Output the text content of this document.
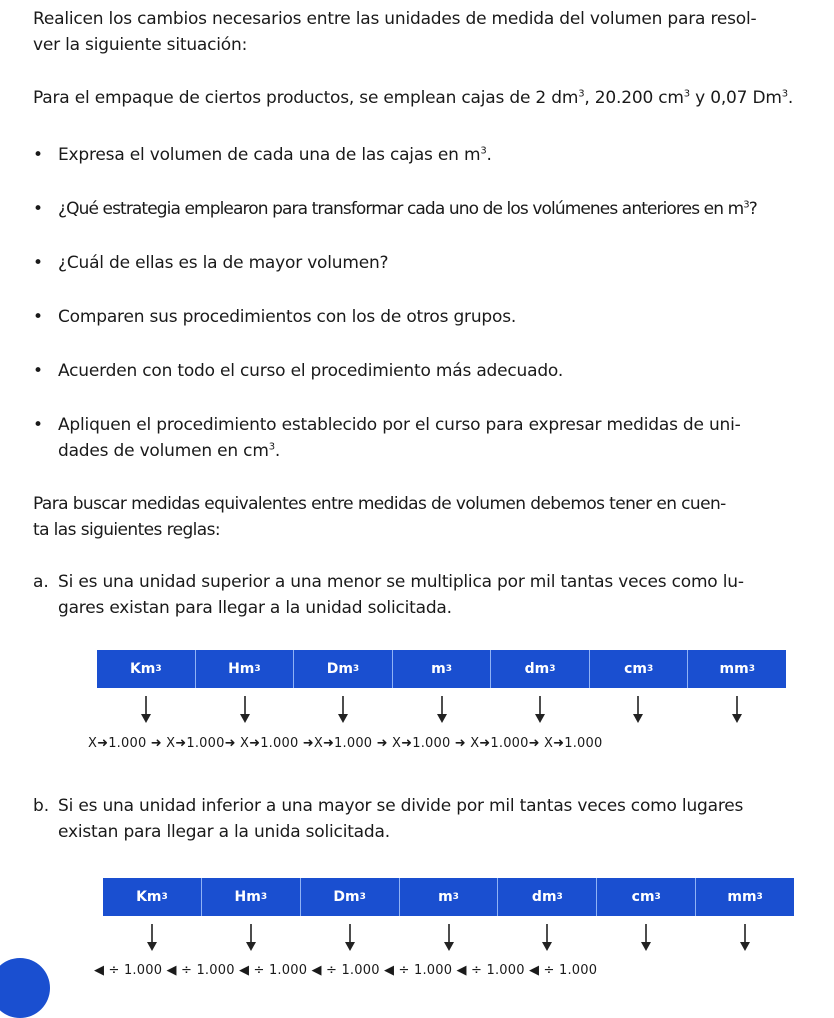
Realicen los cambios necesarios entre las unidades de medida del volumen para resol-
ver la siguiente situación:
Para el empaque de ciertos productos, se emplean cajas de 2 $dm^3$, 20.200 $cm^3$ y 0,07 Dm$^3$.
• Expresa el volumen de cada una de las cajas en $m^3$.
• ¿Qué estrategia emplearon para transformar cada uno de los volúmenes anteriores en $m^3$?
• ¿Cuál de ellas es la de mayor volumen?
• Comparen sus procedimientos con los de otros grupos.
• Acuerden con todo el curso el procedimiento más adecuado.
• Apliquen el procedimiento establecido por el curso para expresar medidas de uni-
dades de volumen en $cm^3$.
Para buscar medidas equivalentes entre medidas de volumen debemos tener en cuen-
ta las siguientes reglas:
a. Si es una unidad superior a una menor se multiplica por mil tantas veces como lu-
gares existan para llegar a la unidad solicitada.
Km 3	Hm 3	Dm 3	m 3	dm 3	cm 3	mm 3
X➜1.000 ➜ X➜1.000➜ X➜1.000 ➜X➜1.000 ➜ X➜1.000 ➜ X➜1.000➜ X➜1.000
b. Si es una unidad inferior a una mayor se divide por mil tantas veces como lugares
existan para llegar a la unida solicitada.
Km 3	Hm 3	Dm 3	m 3	dm 3	cm 3	mm 3
◀ ÷ 1.000 ◀ ÷ 1.000 ◀ ÷ 1.000 ◀ ÷ 1.000 ◀ ÷ 1.000 ◀ ÷ 1.000 ◀ ÷ 1.000
